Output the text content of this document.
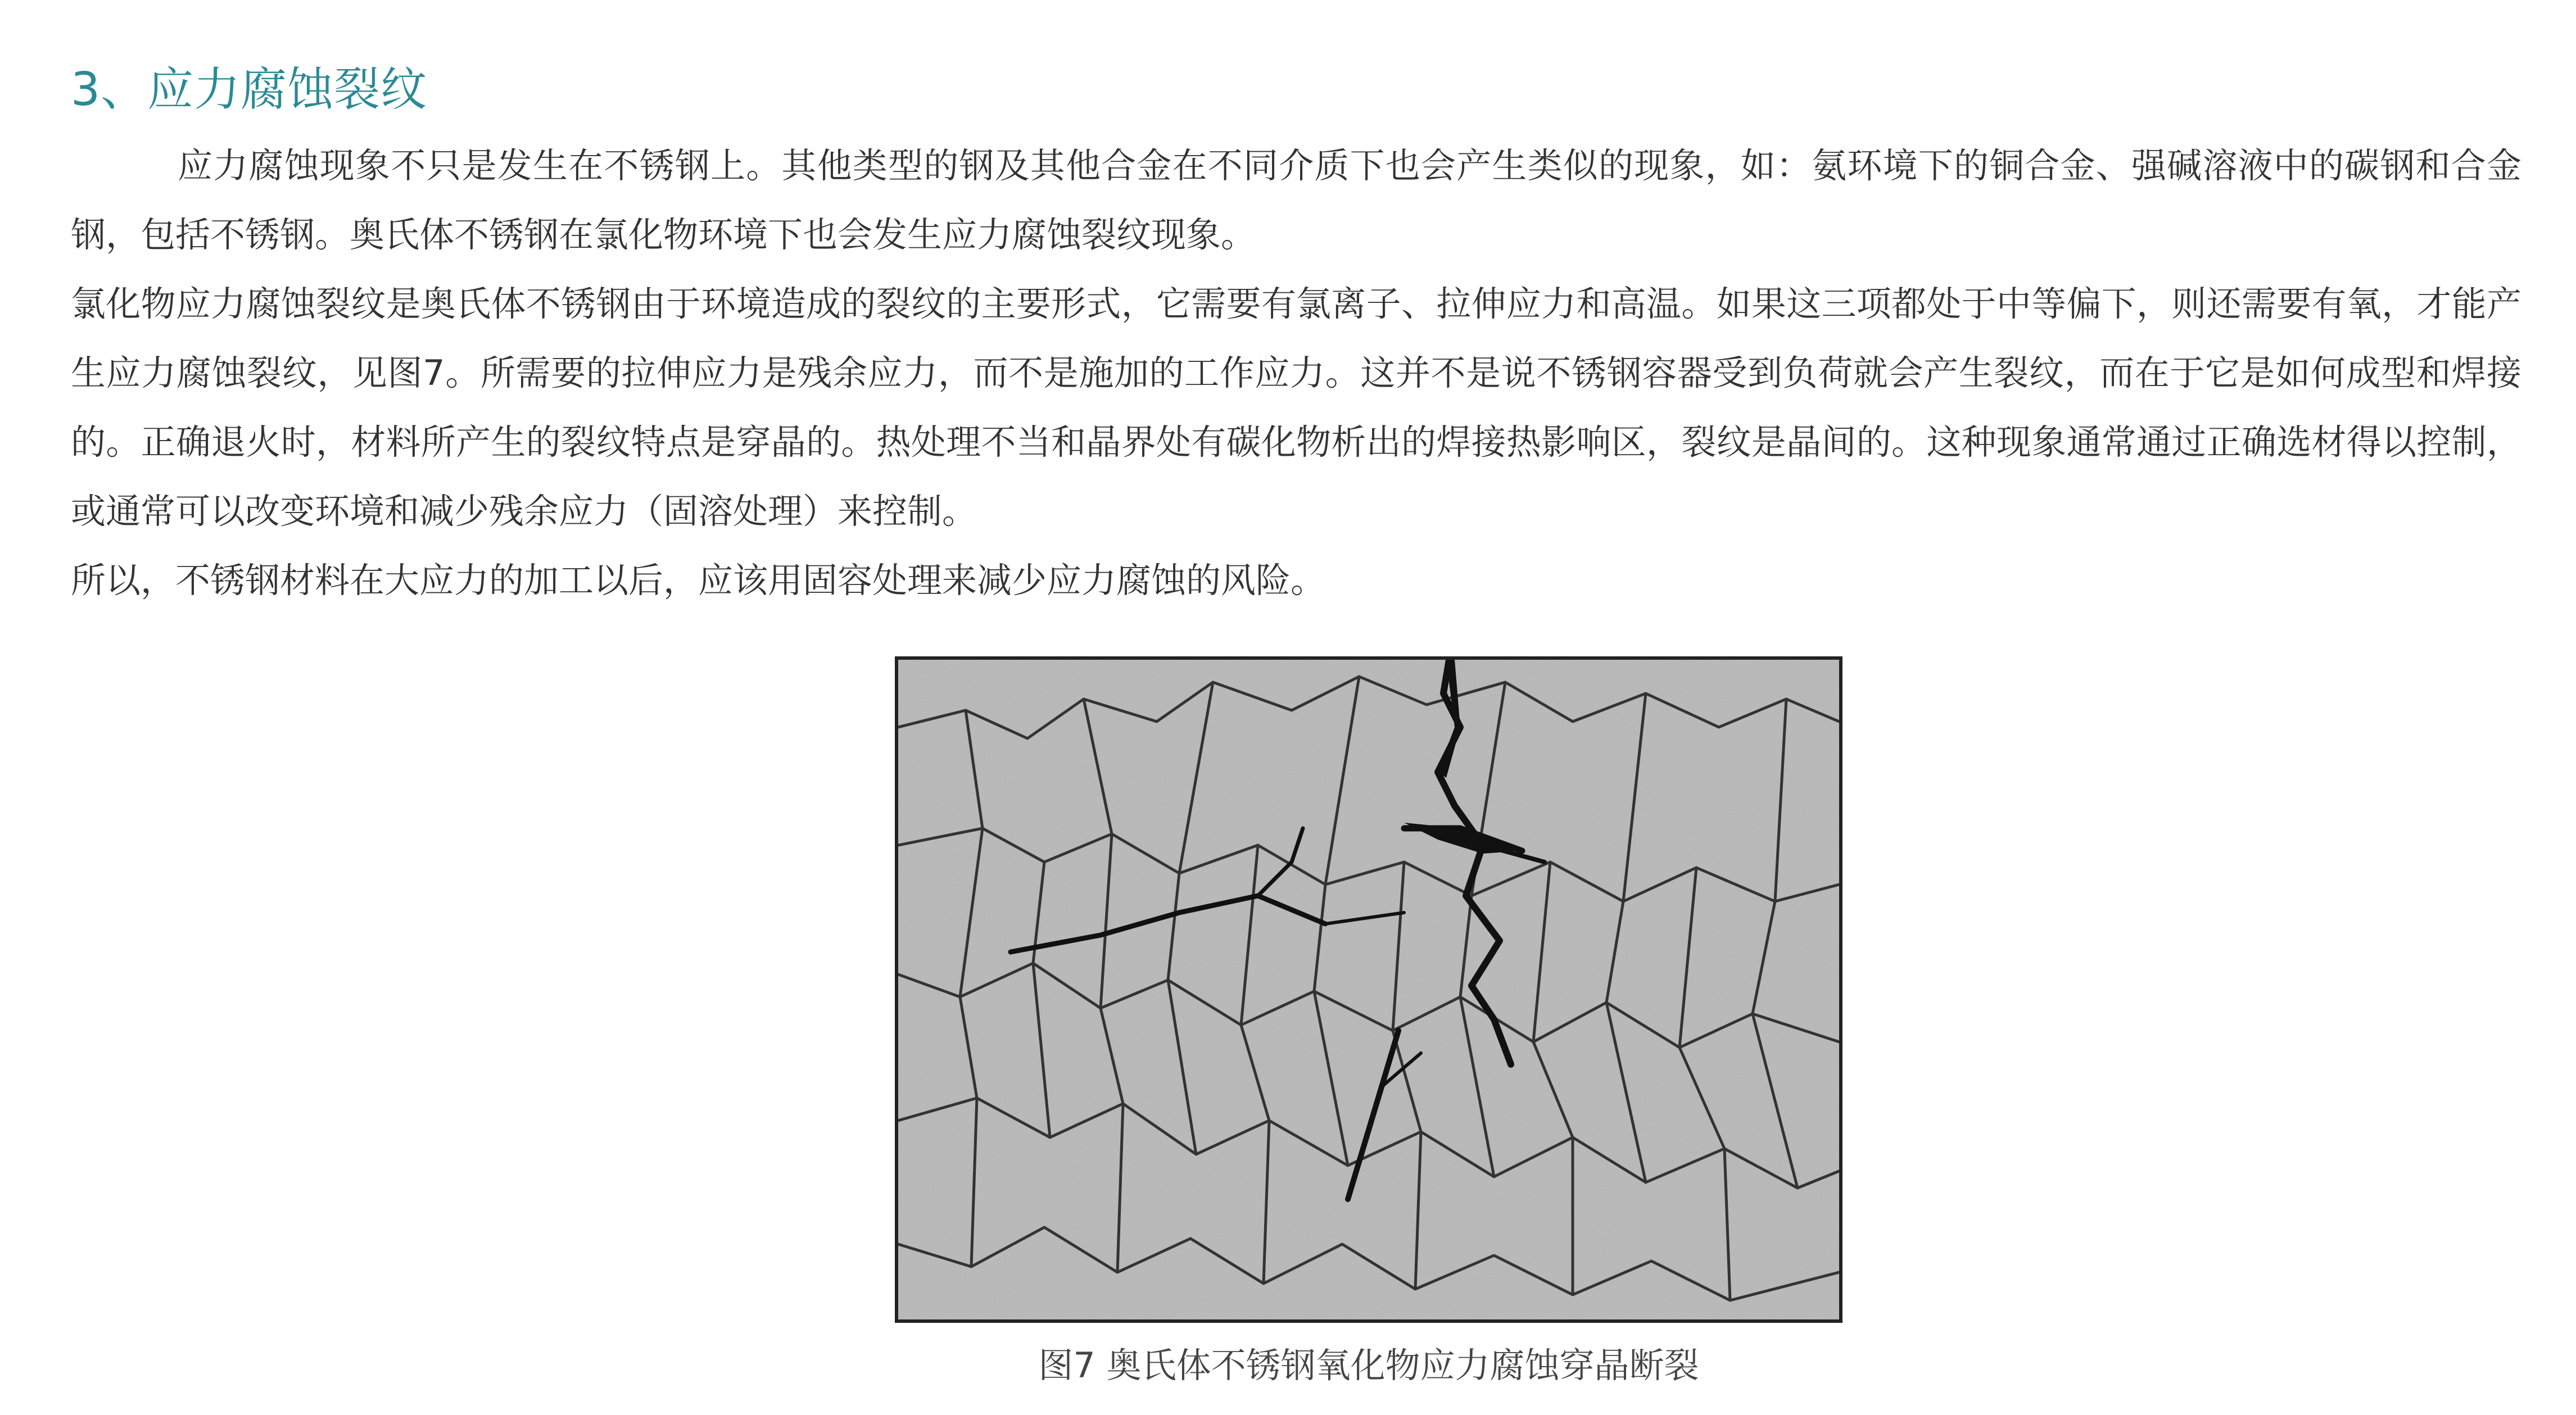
3、应力腐蚀裂纹

应力腐蚀现象不只是发生在不锈钢上。其他类型的钢及其他合金在不同介质下也会产生类似的现象，如：氨环境下的铜合金、强碱溶液中的碳钢和合金钢，包括不锈钢。奥氏体不锈钢在氯化物环境下也会发生应力腐蚀裂纹现象。

氯化物应力腐蚀裂纹是奥氏体不锈钢由于环境造成的裂纹的主要形式，它需要有氯离子、拉伸应力和高温。如果这三项都处于中等偏下，则还需要有氧，才能产生应力腐蚀裂纹，见图7。所需要的拉伸应力是残余应力，而不是施加的工作应力。这并不是说不锈钢容器受到负荷就会产生裂纹，而在于它是如何成型和焊接的。正确退火时，材料所产生的裂纹特点是穿晶的。热处理不当和晶界处有碳化物析出的焊接热影响区，裂纹是晶间的。这种现象通常通过正确选材得以控制，或通常可以改变环境和减少残余应力（固溶处理）来控制。

所以，不锈钢材料在大应力的加工以后，应该用固容处理来减少应力腐蚀的风险。

图7 奥氏体不锈钢氧化物应力腐蚀穿晶断裂
